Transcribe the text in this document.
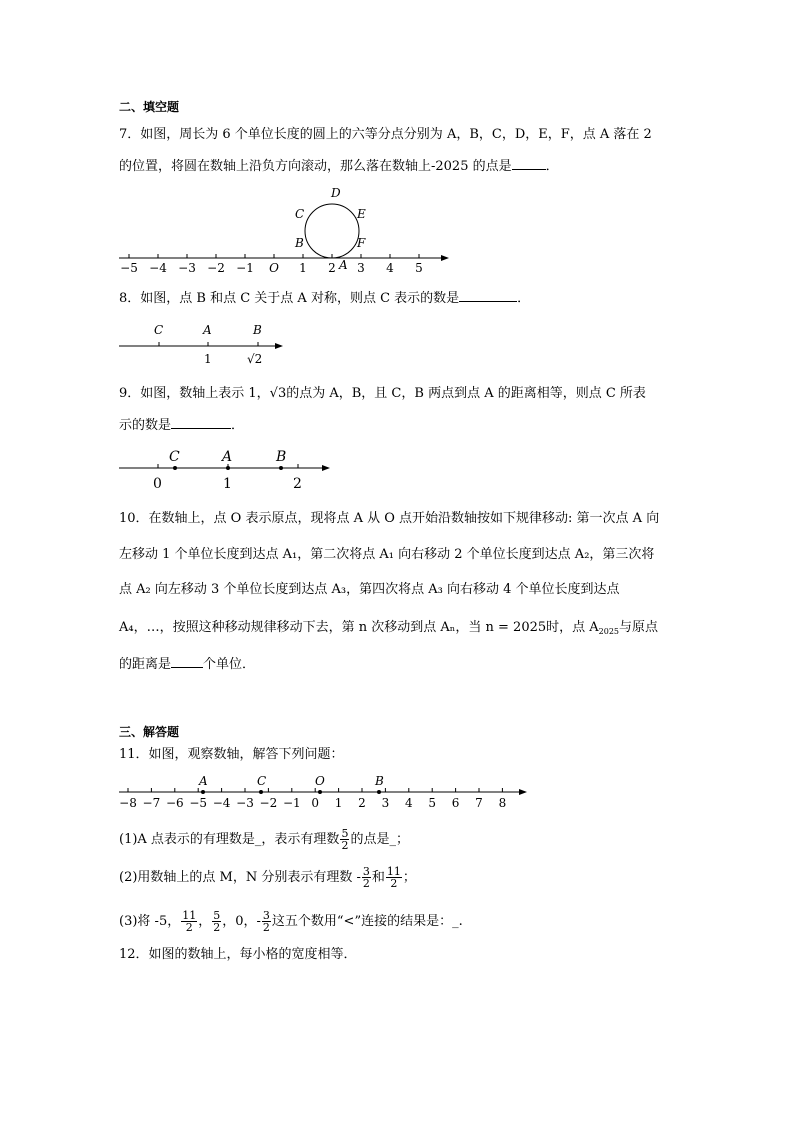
二、填空题
7．如图，周长为 6 个单位长度的圆上的六等分点分别为 A，B，C，D，E，F，点 A 落在 2
的位置，将圆在数轴上沿负方向滚动，那么落在数轴上-2025 的点是	．
−5 −4 −3 −2 −1 O 1 2 3 4 5
D
C	E
B	F
A
8．如图，点 B 和点 C 关于点 A 对称，则点 C 表示的数是	．
C	A	B
1	√2
9．如图，数轴上表示 1，√3的点为 A，B，且 C，B 两点到点 A 的距离相等，则点 C 所表
示的数是	．
C	A	B
0	1	2
10．在数轴上，点 O 表示原点，现将点 A 从 O 点开始沿数轴按如下规律移动: 第一次点 A 向
左移动 1 个单位长度到达点 A₁，第二次将点 A₁ 向右移动 2 个单位长度到达点 A₂，第三次将
点 A₂ 向左移动 3 个单位长度到达点 A₃，第四次将点 A₃ 向右移动 4 个单位长度到达点
A₄，…，按照这种移动规律移动下去，第 n 次移动到点 Aₙ，当 n = 2025时，点 $A_{2025}$与原点
的距离是 个单位．
三、解答题
11．如图，观察数轴，解答下列问题：
−8 −7 −6 −5 −4 −3 −2 −1 0 1 2 3 4 5 6 7 8
A	C	O	B
(1)A 点表示的有理数是_，表示有理数 $\frac{5}{2}$ 的点是_；
(2)用数轴上的点 M，N 分别表示有理数 - $\frac{3}{2}$ 和 $\frac{11}{2}$ ；
(3)将 -5， $\frac{11}{2}$ ， $\frac{5}{2}$ ，0，- $\frac{3}{2}$ 这五个数用“<”连接的结果是：_.
12．如图的数轴上，每小格的宽度相等．
